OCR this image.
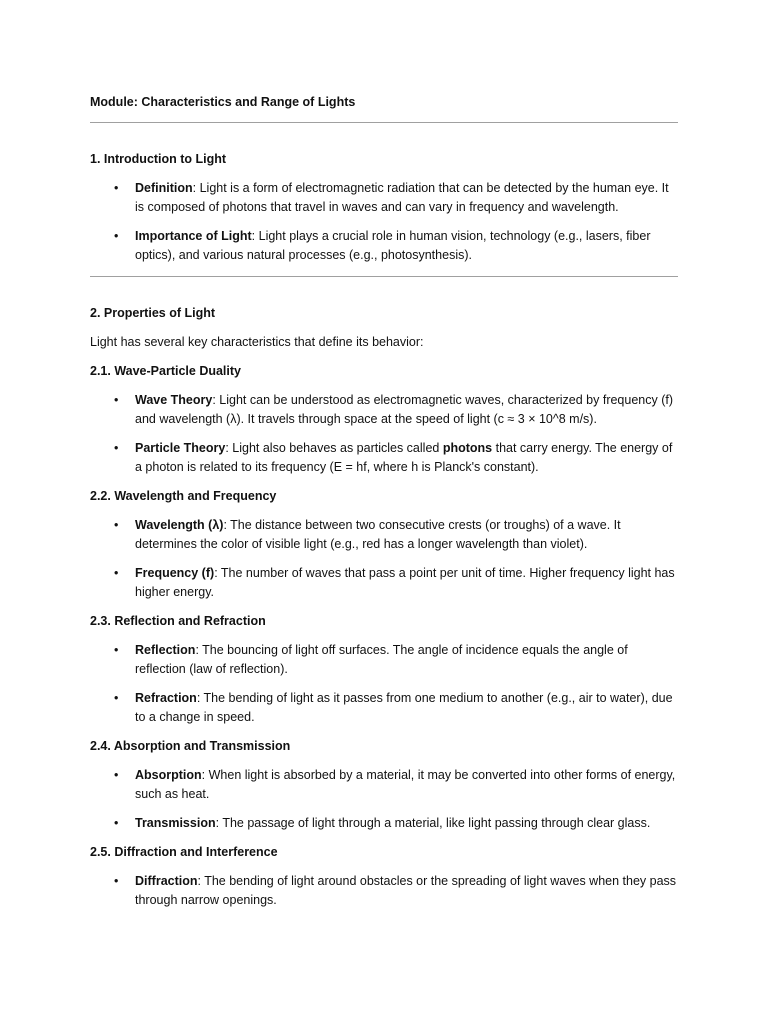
Module: Characteristics and Range of Lights
1. Introduction to Light
• Definition: Light is a form of electromagnetic radiation that can be detected by the human eye. It is composed of photons that travel in waves and can vary in frequency and wavelength.
• Importance of Light: Light plays a crucial role in human vision, technology (e.g., lasers, fiber optics), and various natural processes (e.g., photosynthesis).
2. Properties of Light
Light has several key characteristics that define its behavior:
2.1. Wave-Particle Duality
• Wave Theory: Light can be understood as electromagnetic waves, characterized by frequency (f) and wavelength (λ). It travels through space at the speed of light (c ≈ 3 × 10^8 m/s).
• Particle Theory: Light also behaves as particles called photons that carry energy. The energy of a photon is related to its frequency (E = hf, where h is Planck's constant).
2.2. Wavelength and Frequency
• Wavelength (λ): The distance between two consecutive crests (or troughs) of a wave. It determines the color of visible light (e.g., red has a longer wavelength than violet).
• Frequency (f): The number of waves that pass a point per unit of time. Higher frequency light has higher energy.
2.3. Reflection and Refraction
• Reflection: The bouncing of light off surfaces. The angle of incidence equals the angle of reflection (law of reflection).
• Refraction: The bending of light as it passes from one medium to another (e.g., air to water), due to a change in speed.
2.4. Absorption and Transmission
• Absorption: When light is absorbed by a material, it may be converted into other forms of energy, such as heat.
• Transmission: The passage of light through a material, like light passing through clear glass.
2.5. Diffraction and Interference
• Diffraction: The bending of light around obstacles or the spreading of light waves when they pass through narrow openings.
